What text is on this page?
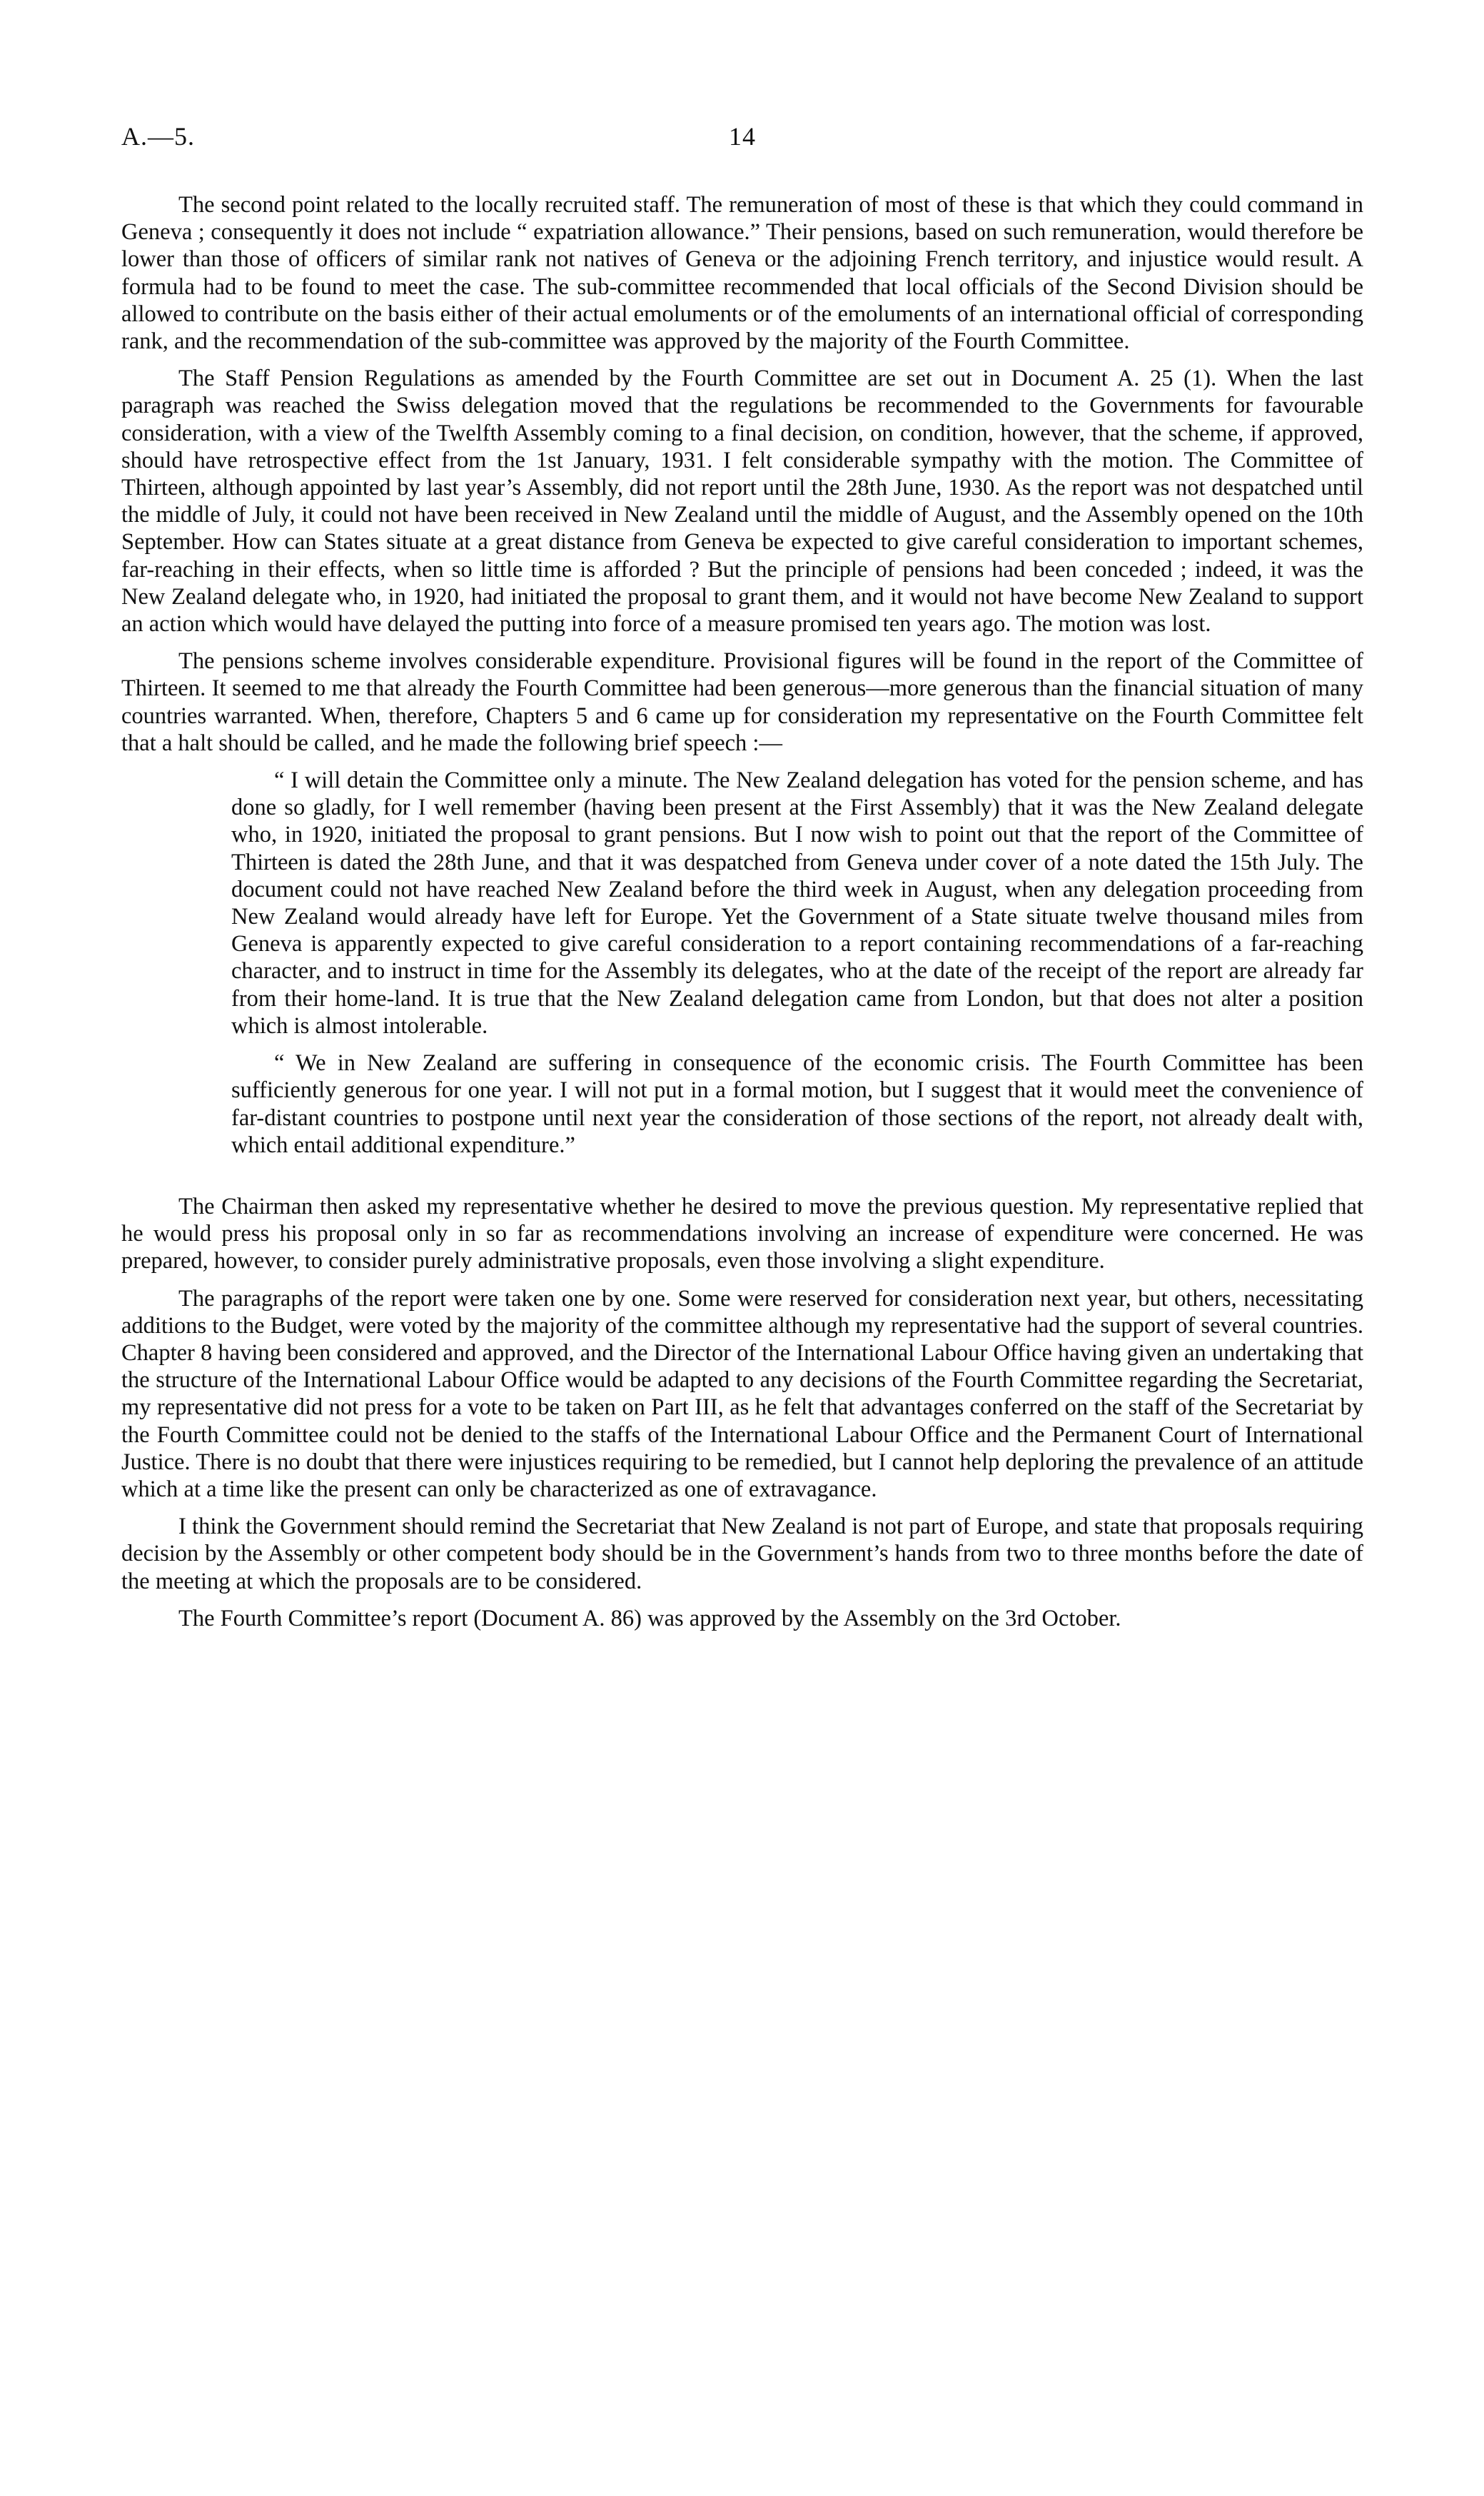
A.—5.	14

The second point related to the locally recruited staff. The remuneration of most of these is that which they could command in Geneva ; consequently it does not include “ expatriation allowance.” Their pensions, based on such remuneration, would therefore be lower than those of officers of similar rank not natives of Geneva or the adjoining French territory, and injustice would result. A formula had to be found to meet the case. The sub-committee recommended that local officials of the Second Division should be allowed to contribute on the basis either of their actual emoluments or of the emoluments of an international official of corresponding rank, and the recommendation of the sub-committee was approved by the majority of the Fourth Committee.

The Staff Pension Regulations as amended by the Fourth Committee are set out in Document A. 25 (1). When the last paragraph was reached the Swiss delegation moved that the regulations be recommended to the Governments for favourable consideration, with a view of the Twelfth Assembly coming to a final decision, on condition, however, that the scheme, if approved, should have retrospective effect from the 1st January, 1931. I felt considerable sympathy with the motion. The Committee of Thirteen, although appointed by last year’s Assembly, did not report until the 28th June, 1930. As the report was not despatched until the middle of July, it could not have been received in New Zealand until the middle of August, and the Assembly opened on the 10th September. How can States situate at a great distance from Geneva be expected to give careful consideration to important schemes, far-reaching in their effects, when so little time is afforded ? But the principle of pensions had been conceded ; indeed, it was the New Zealand delegate who, in 1920, had initiated the proposal to grant them, and it would not have become New Zealand to support an action which would have delayed the putting into force of a measure promised ten years ago. The motion was lost.

The pensions scheme involves considerable expenditure. Provisional figures will be found in the report of the Committee of Thirteen. It seemed to me that already the Fourth Committee had been generous—more generous than the financial situation of many countries warranted. When, therefore, Chapters 5 and 6 came up for consideration my representative on the Fourth Committee felt that a halt should be called, and he made the following brief speech :—

“ I will detain the Committee only a minute. The New Zealand delegation has voted for the pension scheme, and has done so gladly, for I well remember (having been present at the First Assembly) that it was the New Zealand delegate who, in 1920, initiated the proposal to grant pensions. But I now wish to point out that the report of the Committee of Thirteen is dated the 28th June, and that it was despatched from Geneva under cover of a note dated the 15th July. The document could not have reached New Zealand before the third week in August, when any delegation proceeding from New Zealand would already have left for Europe. Yet the Government of a State situate twelve thousand miles from Geneva is apparently expected to give careful consideration to a report containing recommendations of a far-reaching character, and to instruct in time for the Assembly its delegates, who at the date of the receipt of the report are already far from their home-land. It is true that the New Zealand delegation came from London, but that does not alter a position which is almost intolerable.

“ We in New Zealand are suffering in consequence of the economic crisis. The Fourth Committee has been sufficiently generous for one year. I will not put in a formal motion, but I suggest that it would meet the convenience of far-distant countries to postpone until next year the consideration of those sections of the report, not already dealt with, which entail additional expenditure.”

The Chairman then asked my representative whether he desired to move the previous question. My representative replied that he would press his proposal only in so far as recommendations involving an increase of expenditure were concerned. He was prepared, however, to consider purely administrative proposals, even those involving a slight expenditure.

The paragraphs of the report were taken one by one. Some were reserved for consideration next year, but others, necessitating additions to the Budget, were voted by the majority of the committee although my representative had the support of several countries. Chapter 8 having been considered and approved, and the Director of the International Labour Office having given an undertaking that the structure of the International Labour Office would be adapted to any decisions of the Fourth Committee regarding the Secretariat, my representative did not press for a vote to be taken on Part III, as he felt that advantages conferred on the staff of the Secretariat by the Fourth Committee could not be denied to the staffs of the International Labour Office and the Permanent Court of International Justice. There is no doubt that there were injustices requiring to be remedied, but I cannot help deploring the prevalence of an attitude which at a time like the present can only be characterized as one of extravagance.

I think the Government should remind the Secretariat that New Zealand is not part of Europe, and state that proposals requiring decision by the Assembly or other competent body should be in the Government’s hands from two to three months before the date of the meeting at which the proposals are to be considered.

The Fourth Committee’s report (Document A. 86) was approved by the Assembly on the 3rd October.
